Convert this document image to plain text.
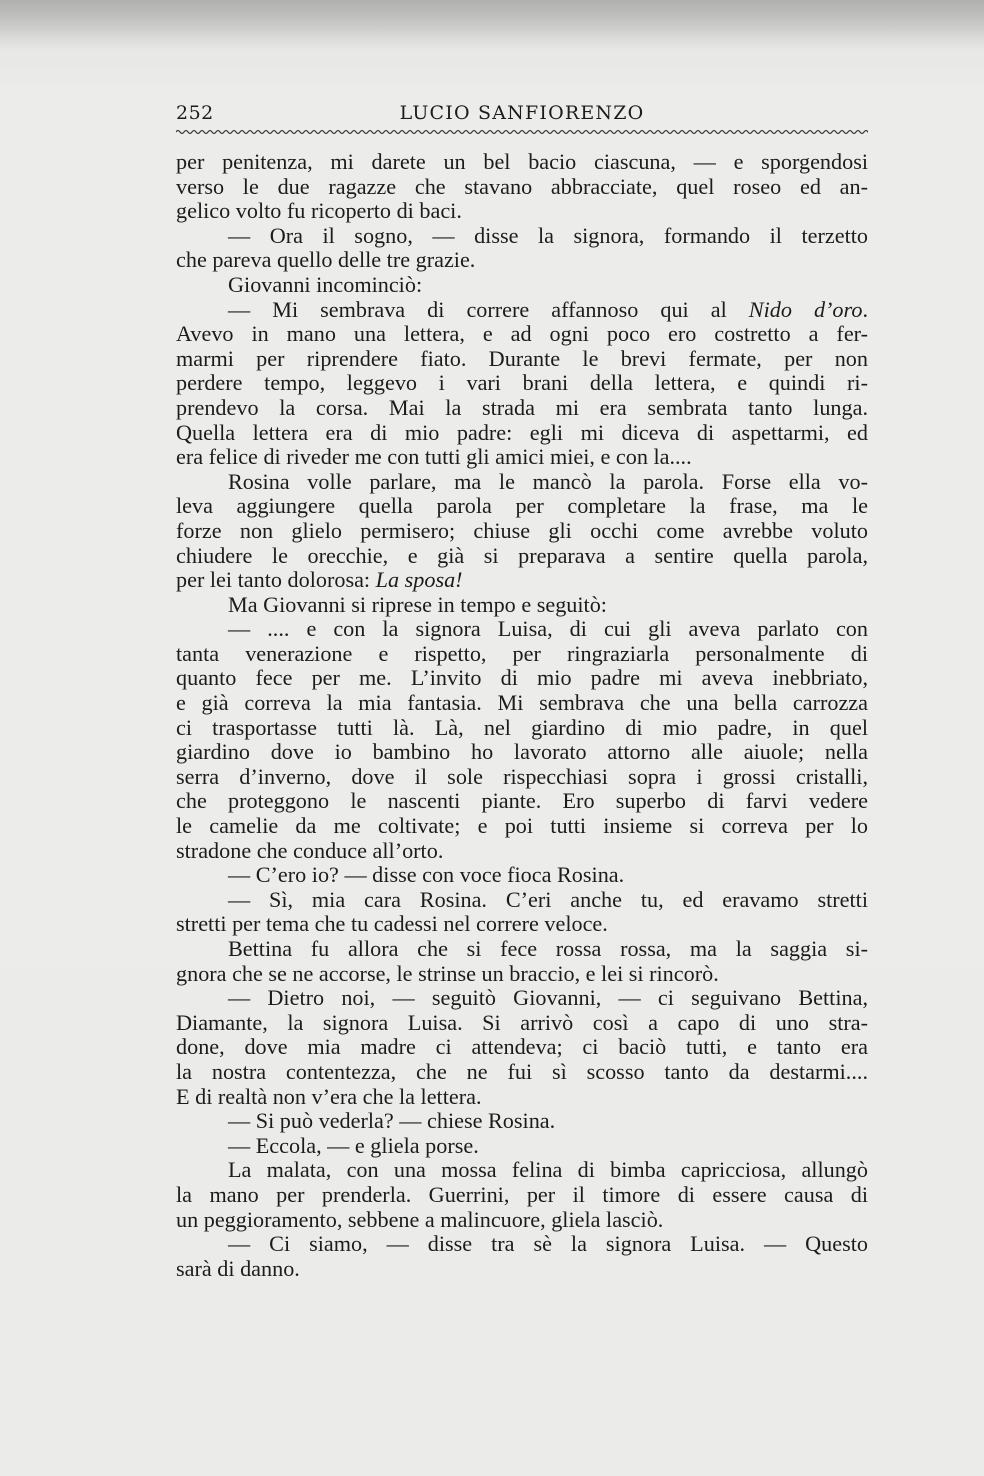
252	LUCIO SANFIORENZO
per penitenza, mi darete un bel bacio ciascuna, — e sporgendosi
verso le due ragazze che stavano abbracciate, quel roseo ed an-
gelico volto fu ricoperto di baci.
— Ora il sogno, — disse la signora, formando il terzetto
che pareva quello delle tre grazie.
Giovanni incominciò:
— Mi sembrava di correre affannoso qui al Nido d’oro.
Avevo in mano una lettera, e ad ogni poco ero costretto a fer-
marmi per riprendere fiato. Durante le brevi fermate, per non
perdere tempo, leggevo i vari brani della lettera, e quindi ri-
prendevo la corsa. Mai la strada mi era sembrata tanto lunga.
Quella lettera era di mio padre: egli mi diceva di aspettarmi, ed
era felice di riveder me con tutti gli amici miei, e con la....
Rosina volle parlare, ma le mancò la parola. Forse ella vo-
leva aggiungere quella parola per completare la frase, ma le
forze non glielo permisero; chiuse gli occhi come avrebbe voluto
chiudere le orecchie, e già si preparava a sentire quella parola,
per lei tanto dolorosa: La sposa!
Ma Giovanni si riprese in tempo e seguitò:
— .... e con la signora Luisa, di cui gli aveva parlato con
tanta venerazione e rispetto, per ringraziarla personalmente di
quanto fece per me. L’invito di mio padre mi aveva inebbriato,
e già correva la mia fantasia. Mi sembrava che una bella carrozza
ci trasportasse tutti là. Là, nel giardino di mio padre, in quel
giardino dove io bambino ho lavorato attorno alle aiuole; nella
serra d’inverno, dove il sole rispecchiasi sopra i grossi cristalli,
che proteggono le nascenti piante. Ero superbo di farvi vedere
le camelie da me coltivate; e poi tutti insieme si correva per lo
stradone che conduce all’orto.
— C’ero io? — disse con voce fioca Rosina.
— Sì, mia cara Rosina. C’eri anche tu, ed eravamo stretti
stretti per tema che tu cadessi nel correre veloce.
Bettina fu allora che si fece rossa rossa, ma la saggia si-
gnora che se ne accorse, le strinse un braccio, e lei si rincorò.
— Dietro noi, — seguitò Giovanni, — ci seguivano Bettina,
Diamante, la signora Luisa. Si arrivò così a capo di uno stra-
done, dove mia madre ci attendeva; ci baciò tutti, e tanto era
la nostra contentezza, che ne fui sì scosso tanto da destarmi....
E di realtà non v’era che la lettera.
— Si può vederla? — chiese Rosina.
— Eccola, — e gliela porse.
La malata, con una mossa felina di bimba capricciosa, allungò
la mano per prenderla. Guerrini, per il timore di essere causa di
un peggioramento, sebbene a malincuore, gliela lasciò.
— Ci siamo, — disse tra sè la signora Luisa. — Questo
sarà di danno.
